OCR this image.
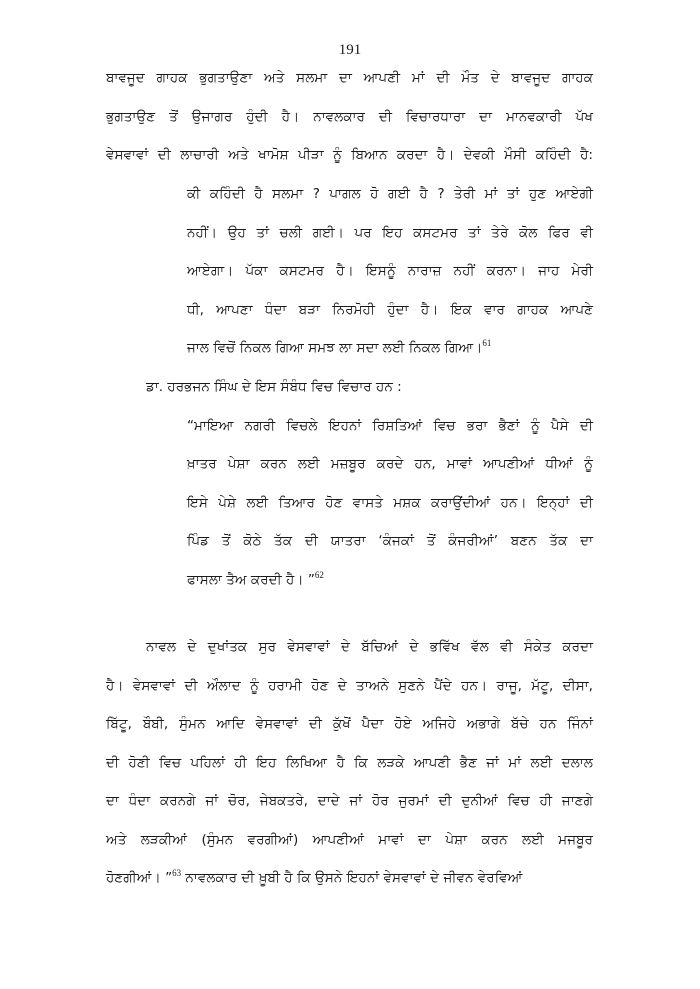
191
ਬਾਵਜੂਦ ਗਾਹਕ ਭੁਗਤਾਉਣਾ ਅਤੇ ਸਲਮਾ ਦਾ ਆਪਣੀ ਮਾਂ ਦੀ ਮੌਤ ਦੇ ਬਾਵਜੂਦ ਗਾਹਕ
ਭੁਗਤਾਉਣ ਤੋਂ ਉਜਾਗਰ ਹੁੰਦੀ ਹੈ। ਨਾਵਲਕਾਰ ਦੀ ਵਿਚਾਰਧਾਰਾ ਦਾ ਮਾਨਵਕਾਰੀ ਪੱਖ
ਵੇਸਵਾਵਾਂ ਦੀ ਲਾਚਾਰੀ ਅਤੇ ਖਾਮੋਸ਼ ਪੀੜਾ ਨੂੰ ਬਿਆਨ ਕਰਦਾ ਹੈ। ਦੇਵਕੀ ਮੌਸੀ ਕਹਿੰਦੀ ਹੈ:
ਕੀ ਕਹਿੰਦੀ ਹੈ ਸਲਮਾ ? ਪਾਗਲ ਹੋ ਗਈ ਹੈ ? ਤੇਰੀ ਮਾਂ ਤਾਂ ਹੁਣ ਆਏਗੀ
ਨਹੀਂ। ਉਹ ਤਾਂ ਚਲੀ ਗਈ। ਪਰ ਇਹ ਕਸਟਮਰ ਤਾਂ ਤੇਰੇ ਕੋਲ ਫਿਰ ਵੀ
ਆਏਗਾ। ਪੱਕਾ ਕਸਟਮਰ ਹੈ। ਇਸਨੂੰ ਨਾਰਾਜ਼ ਨਹੀਂ ਕਰਨਾ। ਜਾਹ ਮੇਰੀ
ਧੀ, ਆਪਣਾ ਧੰਦਾ ਬੜਾ ਨਿਰਮੋਹੀ ਹੁੰਦਾ ਹੈ। ਇਕ ਵਾਰ ਗਾਹਕ ਆਪਣੇ
ਜਾਲ ਵਿਚੋਂ ਨਿਕਲ ਗਿਆ ਸਮਝ ਲਾ ਸਦਾ ਲਈ ਨਿਕਲ ਗਿਆ।$^{61}$
ਡਾ. ਹਰਭਜਨ ਸਿੰਘ ਦੇ ਇਸ ਸੰਬੰਧ ਵਿਚ ਵਿਚਾਰ ਹਨ :
“ਮਾਇਆ ਨਗਰੀ ਵਿਚਲੇ ਇਹਨਾਂ ਰਿਸ਼ਤਿਆਂ ਵਿਚ ਭਰਾ ਭੈਣਾਂ ਨੂੰ ਪੈਸੇ ਦੀ
ਖ਼ਾਤਰ ਪੇਸ਼ਾ ਕਰਨ ਲਈ ਮਜ਼ਬੂਰ ਕਰਦੇ ਹਨ, ਮਾਵਾਂ ਆਪਣੀਆਂ ਧੀਆਂ ਨੂੰ
ਇਸੇ ਪੇਸ਼ੇ ਲਈ ਤਿਆਰ ਹੋਣ ਵਾਸਤੇ ਮਸ਼ਕ ਕਰਾਉਂਦੀਆਂ ਹਨ। ਇਨ੍ਹਾਂ ਦੀ
ਪਿੰਡ ਤੋਂ ਕੋਠੇ ਤੱਕ ਦੀ ਯਾਤਰਾ ‘ਕੰਜਕਾਂ ਤੋਂ ਕੰਜਰੀਆਂ’ ਬਣਨ ਤੱਕ ਦਾ
ਫਾਸਲਾ ਤੈਅ ਕਰਦੀ ਹੈ। ”$^{62}$
ਨਾਵਲ ਦੇ ਦੁਖਾਂਤਕ ਸੁਰ ਵੇਸਵਾਵਾਂ ਦੇ ਬੱਚਿਆਂ ਦੇ ਭਵਿੱਖ ਵੱਲ ਵੀ ਸੰਕੇਤ ਕਰਦਾ
ਹੈ। ਵੇਸਵਾਵਾਂ ਦੀ ਔਲਾਦ ਨੂੰ ਹਰਾਮੀ ਹੋਣ ਦੇ ਤਾਅਨੇ ਸੁਣਨੇ ਪੈਂਦੇ ਹਨ। ਰਾਜੂ, ਮੱਟੂ, ਦੀਸਾ,
ਬਿੱਟੂ, ਬੌਬੀ, ਸੁੰਮਨ ਆਦਿ ਵੇਸਵਾਵਾਂ ਦੀ ਕੁੱਖੋਂ ਪੈਦਾ ਹੋਏ ਅਜਿਹੇ ਅਭਾਗੇ ਬੱਚੇ ਹਨ ਜਿੰਨਾਂ
ਦੀ ਹੋਣੀ ਵਿਚ ਪਹਿਲਾਂ ਹੀ ਇਹ ਲਿਖਿਆ ਹੈ ਕਿ ਲੜਕੇ ਆਪਣੀ ਭੈਣ ਜਾਂ ਮਾਂ ਲਈ ਦਲਾਲ
ਦਾ ਧੰਦਾ ਕਰਨਗੇ ਜਾਂ ਚੋਰ, ਜੇਬਕਤਰੇ, ਦਾਦੇ ਜਾਂ ਹੋਰ ਜੁਰਮਾਂ ਦੀ ਦੁਨੀਆਂ ਵਿਚ ਹੀ ਜਾਣਗੇ
ਅਤੇ ਲੜਕੀਆਂ (ਸੁੰਮਨ ਵਰਗੀਆਂ) ਆਪਣੀਆਂ ਮਾਵਾਂ ਦਾ ਪੇਸ਼ਾ ਕਰਨ ਲਈ ਮਜਬੂਰ
ਹੋਣਗੀਆਂ। ”$^{63}$ ਨਾਵਲਕਾਰ ਦੀ ਖ਼ੂਬੀ ਹੈ ਕਿ ਉਸਨੇ ਇਹਨਾਂ ਵੇਸਵਾਵਾਂ ਦੇ ਜੀਵਨ ਵੇਰਵਿਆਂ
